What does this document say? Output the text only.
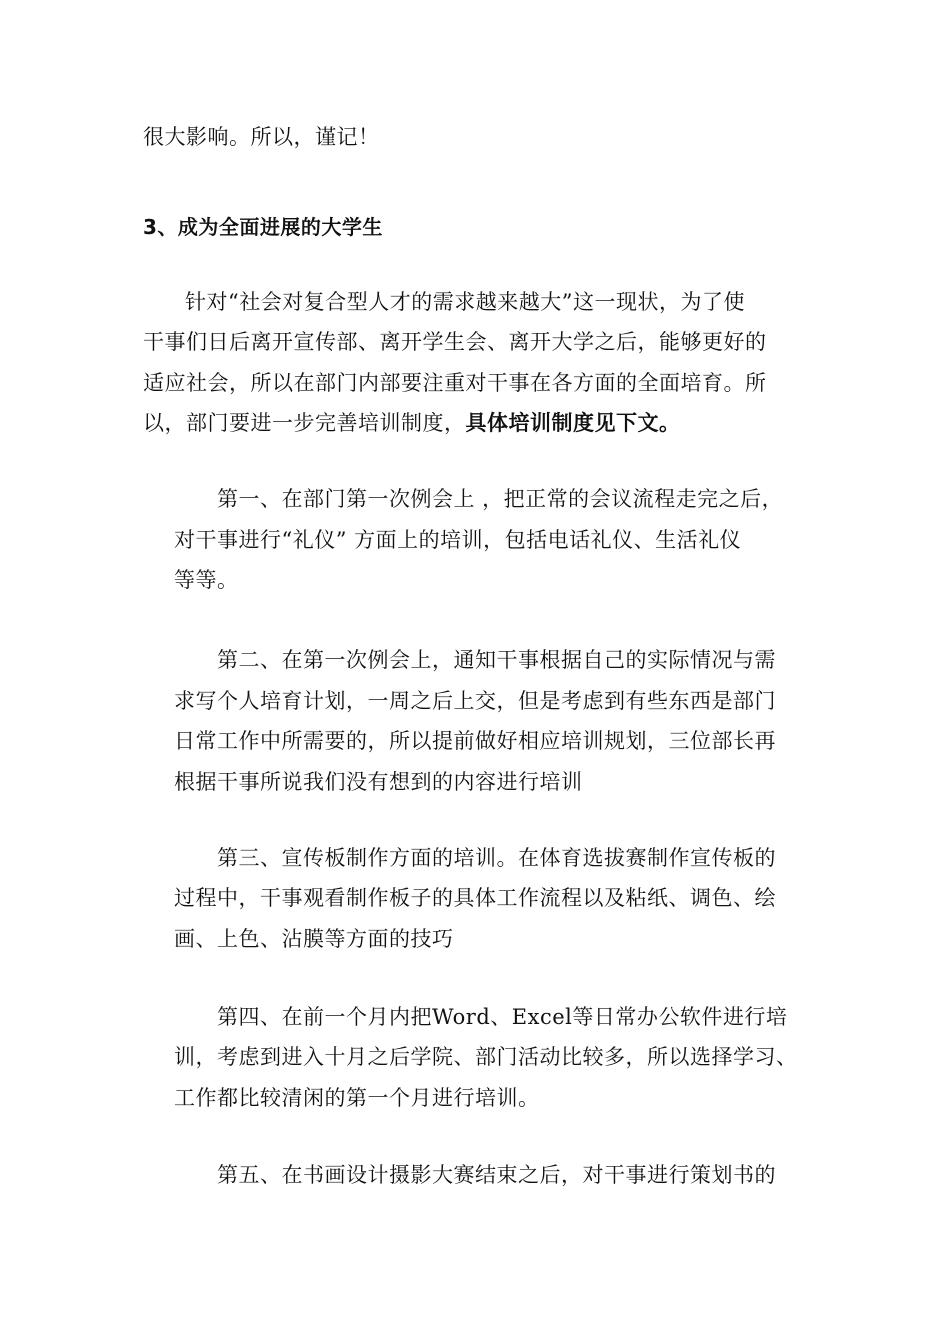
很大影响。所以，谨记！
3、成为全面进展的大学生
针对“社会对复合型人才的需求越来越大”这一现状，为了使
干事们日后离开宣传部、离开学生会、离开大学之后，能够更好的
适应社会，所以在部门内部要注重对干事在各方面的全面培育。所
以，部门要进一步完善培训制度，具体培训制度见下文。
第一、在部门第一次例会上 ，把正常的会议流程走完之后，
对干事进行“礼仪” 方面上的培训，包括电话礼仪、生活礼仪
等等。
第二、在第一次例会上，通知干事根据自己的实际情况与需
求写个人培育计划，一周之后上交，但是考虑到有些东西是部门
日常工作中所需要的，所以提前做好相应培训规划，三位部长再
根据干事所说我们没有想到的内容进行培训
第三、宣传板制作方面的培训。在体育选拔赛制作宣传板的
过程中，干事观看制作板子的具体工作流程以及粘纸、调色、绘
画、上色、沾膜等方面的技巧
第四、在前一个月内把Word、Excel等日常办公软件进行培
训，考虑到进入十月之后学院、部门活动比较多，所以选择学习、
工作都比较清闲的第一个月进行培训。
第五、在书画设计摄影大赛结束之后，对干事进行策划书的
